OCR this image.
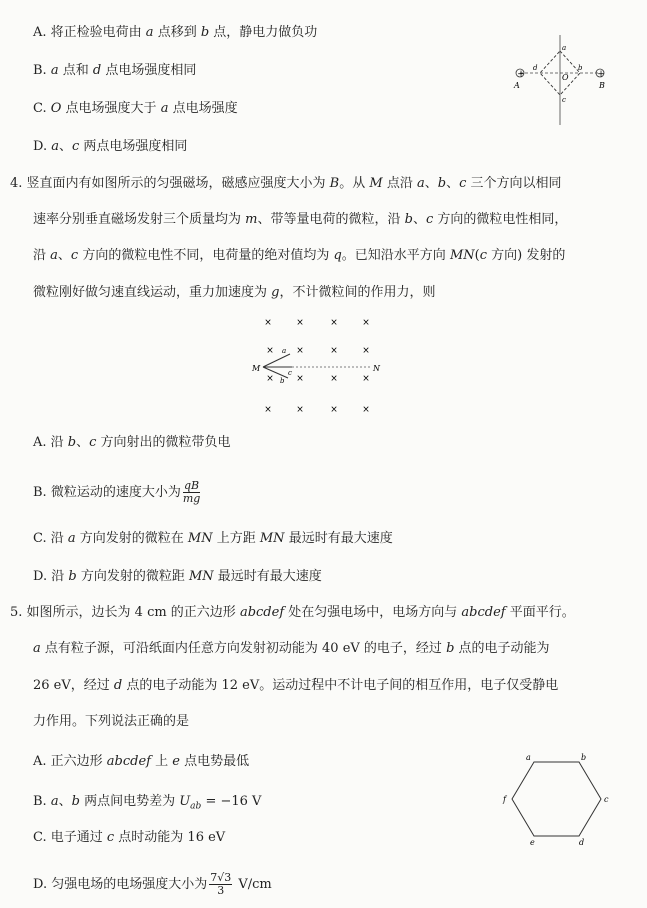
A. 将正检验电荷由 a 点移到 b 点，静电力做负功
B. a 点和 d 点电场强度相同
C. O 点电场强度大于 a 点电场强度
D. a、c 两点电场强度相同
+	+
A	B
O
a
b
c
d
4. 竖直面内有如图所示的匀强磁场，磁感应强度大小为 B。从 M 点沿 a、b、c 三个方向以相同
速率分别垂直磁场发射三个质量均为 m、带等量电荷的微粒，沿 b、c 方向的微粒电性相同，
沿 a、c 方向的微粒电性不同，电荷量的绝对值均为 q。已知沿水平方向 MN(c 方向) 发射的
微粒刚好做匀速直线运动，重力加速度为 g，不计微粒间的作用力，则
×	×	×	×
× ×	×	×
× ×	×	×
×	×	×	×
M	N
a
b
c
A. 沿 b、c 方向射出的微粒带负电
B. 微粒运动的速度大小为 $\frac{qB}{mg}$
C. 沿 a 方向发射的微粒在 MN 上方距 MN 最远时有最大速度
D. 沿 b 方向发射的微粒距 MN 最远时有最大速度
5. 如图所示，边长为 4 cm 的正六边形 abcdef 处在匀强电场中，电场方向与 abcdef 平面平行。
a 点有粒子源，可沿纸面内任意方向发射初动能为 40 eV 的电子，经过 b 点的电子动能为
26 eV，经过 d 点的电子动能为 12 eV。运动过程中不计电子间的相互作用，电子仅受静电
力作用。下列说法正确的是
A. 正六边形 abcdef 上 e 点电势最低
B. a、b 两点间电势差为 $U_{ab} = -16$ V
C. 电子通过 c 点时动能为 16 eV
D. 匀强电场的电场强度大小为 $\frac{7√3}{3} V/cm$
a	b
c
d
e
f
